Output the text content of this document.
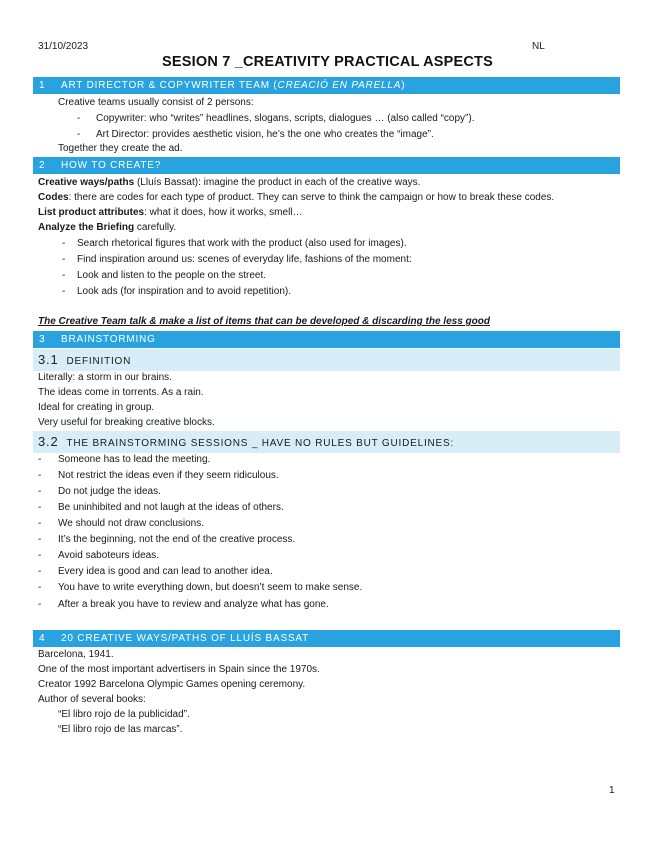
31/10/2023	NL
SESION 7 _CREATIVITY PRACTICAL ASPECTS
1 ART DIRECTOR & COPYWRITER TEAM (CREACIÓ EN PARELLA)
Creative teams usually consist of 2 persons:
- Copywriter: who “writes” headlines, slogans, scripts, dialogues … (also called “copy”).
- Art Director: provides aesthetic vision, he’s the one who creates the “image”.
Together they create the ad.
2 HOW TO CREATE?
Creative ways/paths (Lluís Bassat): imagine the product in each of the creative ways.
Codes: there are codes for each type of product. They can serve to think the campaign or how to break these codes.
List product attributes: what it does, how it works, smell…
Analyze the Briefing carefully.
- Search rhetorical figures that work with the product (also used for images).
- Find inspiration around us: scenes of everyday life, fashions of the moment:
- Look and listen to the people on the street.
- Look ads (for inspiration and to avoid repetition).
The Creative Team talk & make a list of items that can be developed & discarding the less good
3 BRAINSTORMING
3.1 DEFINITION
Literally: a storm in our brains.
The ideas come in torrents. As a rain.
Ideal for creating in group.
Very useful for breaking creative blocks.
3.2 THE BRAINSTORMING SESSIONS _ HAVE NO RULES BUT GUIDELINES:
- Someone has to lead the meeting.
- Not restrict the ideas even if they seem ridiculous.
- Do not judge the ideas.
- Be uninhibited and not laugh at the ideas of others.
- We should not draw conclusions.
- It’s the beginning, not the end of the creative process.
- Avoid saboteurs ideas.
- Every idea is good and can lead to another idea.
- You have to write everything down, but doesn’t seem to make sense.
- After a break you have to review and analyze what has gone.
4 20 CREATIVE WAYS/PATHS OF LLUÍS BASSAT
Barcelona, 1941.
One of the most important advertisers in Spain since the 1970s.
Creator 1992 Barcelona Olympic Games opening ceremony.
Author of several books:
“El libro rojo de la publicidad”.
“El libro rojo de las marcas”.
1
